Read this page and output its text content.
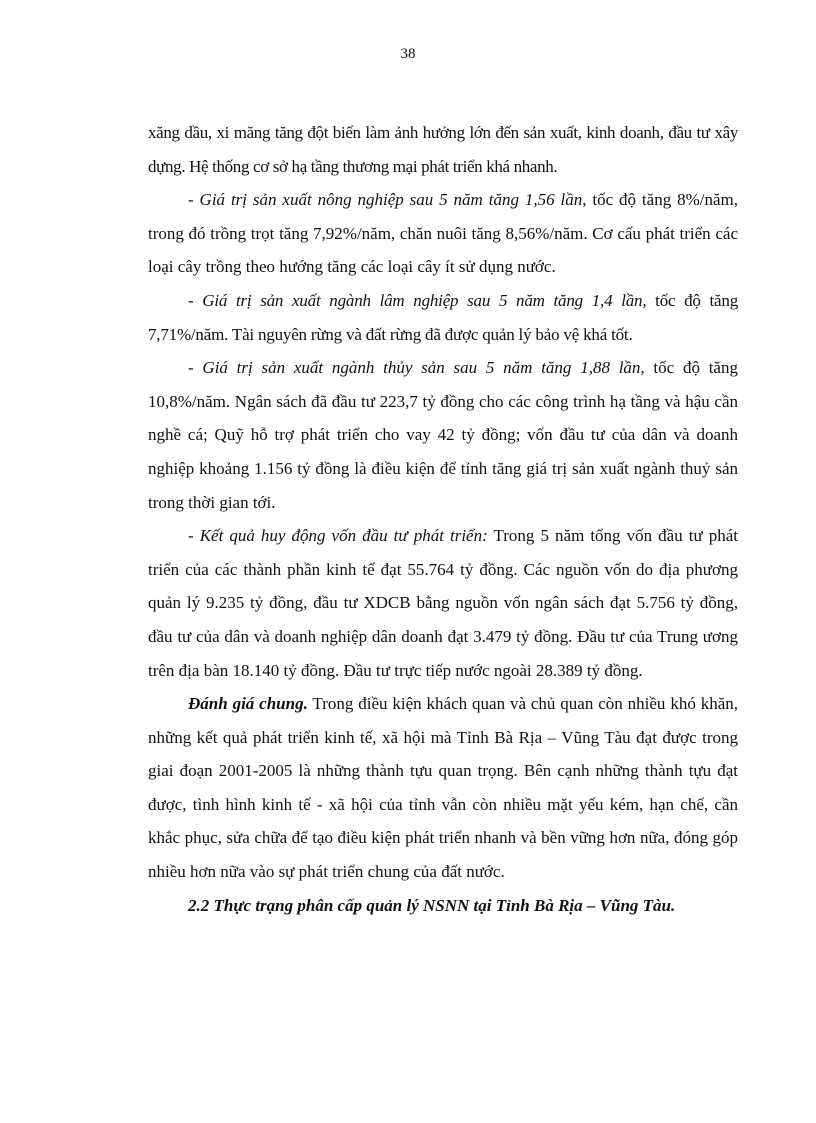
38

xăng dầu, xi măng tăng đột biến làm ảnh hưởng lớn đến sản xuất, kinh doanh, đầu tư xây dựng. Hệ thống cơ sở hạ tầng thương mại phát triển khá nhanh.

- Giá trị sản xuất nông nghiệp sau 5 năm tăng 1,56 lần, tốc độ tăng 8%/năm, trong đó trồng trọt tăng 7,92%/năm, chăn nuôi tăng 8,56%/năm. Cơ cấu phát triển các loại cây trồng theo hướng tăng các loại cây ít sử dụng nước.

- Giá trị sản xuất ngành lâm nghiệp sau 5 năm tăng 1,4 lần, tốc độ tăng 7,71%/năm. Tài nguyên rừng và đất rừng đã được quản lý bảo vệ khá tốt.

- Giá trị sản xuất ngành thủy sản sau 5 năm tăng 1,88 lần, tốc độ tăng 10,8%/năm. Ngân sách đã đầu tư 223,7 tỷ đồng cho các công trình hạ tầng và hậu cần nghề cá; Quỹ hỗ trợ phát triển cho vay 42 tỷ đồng; vốn đầu tư của dân và doanh nghiệp khoảng 1.156 tỷ đồng là điều kiện để tỉnh tăng giá trị sản xuất ngành thuỷ sản trong thời gian tới.

- Kết quả huy động vốn đầu tư phát triển: Trong 5 năm tổng vốn đầu tư phát triển của các thành phần kinh tế đạt 55.764 tỷ đồng. Các nguồn vốn do địa phương quản lý 9.235 tỷ đồng, đầu tư XDCB bằng nguồn vốn ngân sách đạt 5.756 tỷ đồng, đầu tư của dân và doanh nghiệp dân doanh đạt 3.479 tỷ đồng. Đầu tư của Trung ương trên địa bàn 18.140 tỷ đồng. Đầu tư trực tiếp nước ngoài 28.389 tỷ đồng.

Đánh giá chung. Trong điều kiện khách quan và chủ quan còn nhiều khó khăn, những kết quả phát triển kinh tế, xã hội mà Tỉnh Bà Rịa – Vũng Tàu đạt được trong giai đoạn 2001-2005 là những thành tựu quan trọng. Bên cạnh những thành tựu đạt được, tình hình kinh tế - xã hội của tỉnh vẫn còn nhiều mặt yếu kém, hạn chế, cần khắc phục, sửa chữa để tạo điều kiện phát triển nhanh và bền vững hơn nữa, đóng góp nhiều hơn nữa vào sự phát triển chung của đất nước.

2.2 Thực trạng phân cấp quản lý NSNN tại Tỉnh Bà Rịa – Vũng Tàu.
